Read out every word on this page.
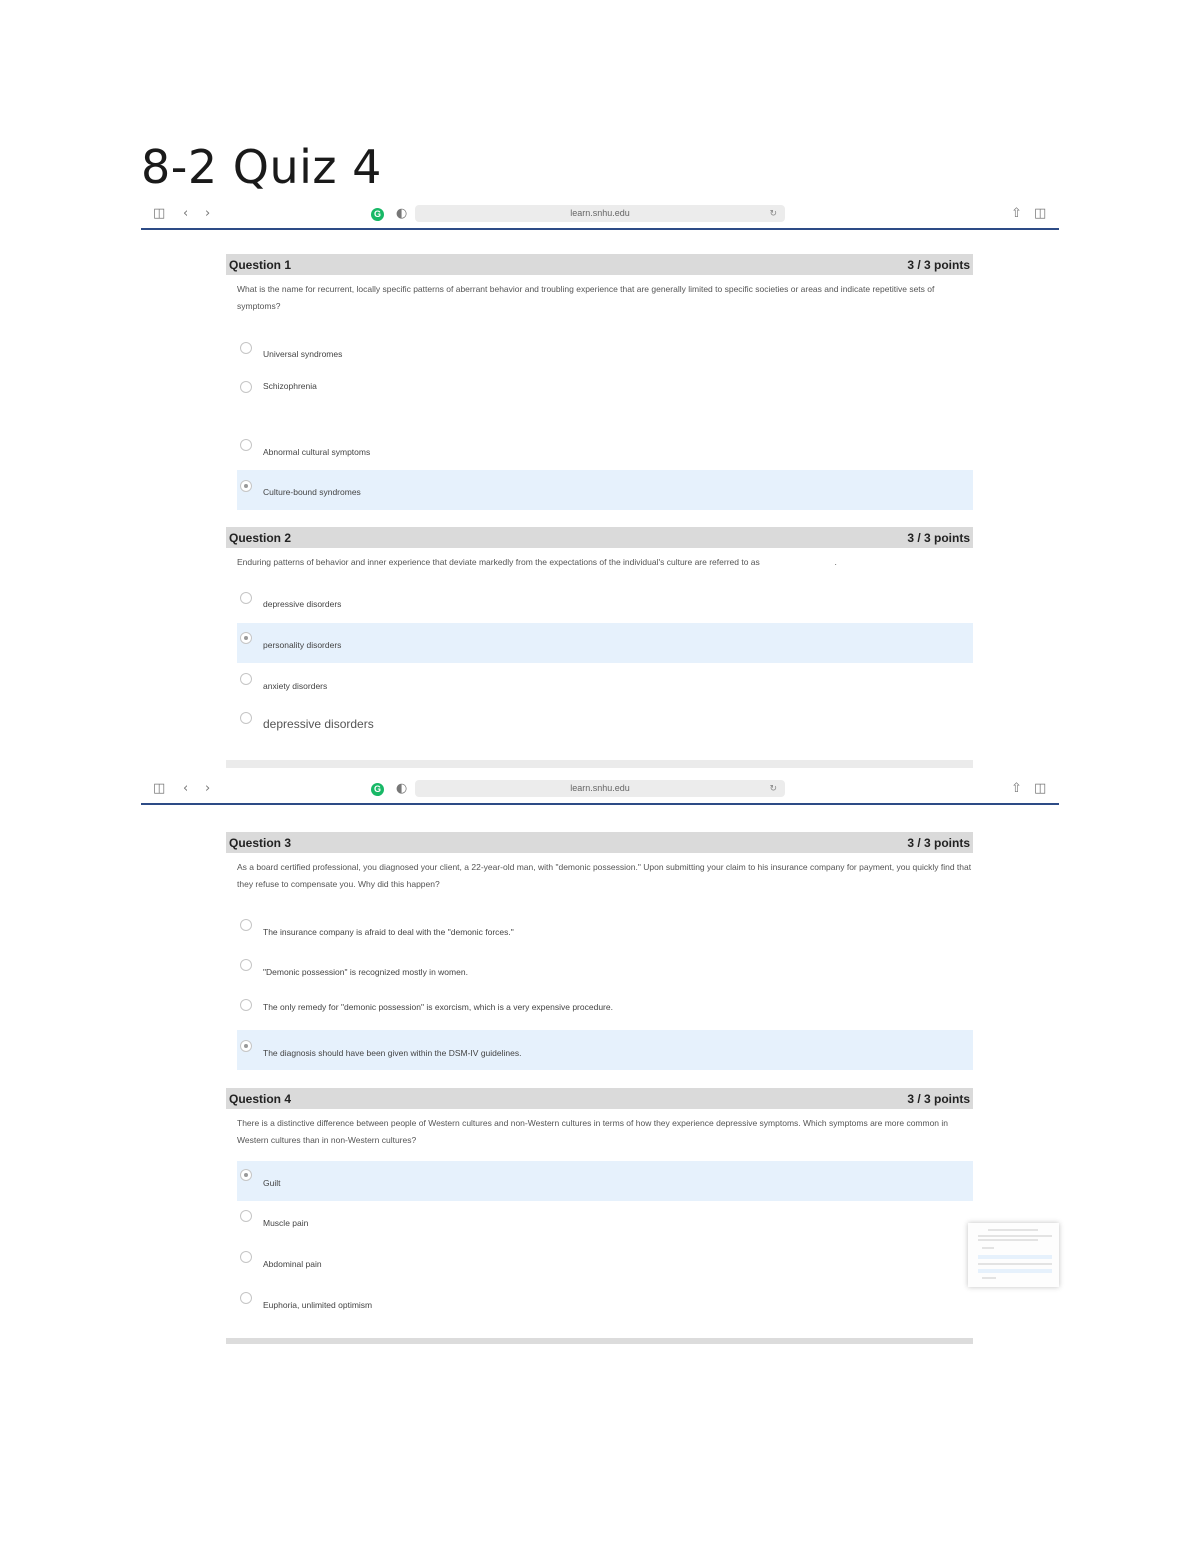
8-2 Quiz 4
◫ ‹ ›	G ◐	learn.snhu.edu	↻	⇧ ◫
Question 1	3 / 3 points
What is the name for recurrent, locally specific patterns of aberrant behavior and troubling experience that are generally limited to specific societies or areas and indicate repetitive sets of symptoms?
Universal syndromes
Schizophrenia
Abnormal cultural symptoms
Culture-bound syndromes
Question 2	3 / 3 points
Enduring patterns of behavior and inner experience that deviate markedly from the expectations of the individual's culture are referred to as	.
depressive disorders
personality disorders
anxiety disorders
depressive disorders
◫ ‹ ›	G ◐	learn.snhu.edu	↻	⇧ ◫
Question 3	3 / 3 points
As a board certified professional, you diagnosed your client, a 22-year-old man, with "demonic possession." Upon submitting your claim to his insurance company for payment, you quickly find that they refuse to compensate you. Why did this happen?
The insurance company is afraid to deal with the "demonic forces."
"Demonic possession" is recognized mostly in women.
The only remedy for "demonic possession" is exorcism, which is a very expensive procedure.
The diagnosis should have been given within the DSM-IV guidelines.
Question 4	3 / 3 points
There is a distinctive difference between people of Western cultures and non-Western cultures in terms of how they experience depressive symptoms. Which symptoms are more common in Western cultures than in non-Western cultures?
Guilt
Muscle pain
Abdominal pain
Euphoria, unlimited optimism
